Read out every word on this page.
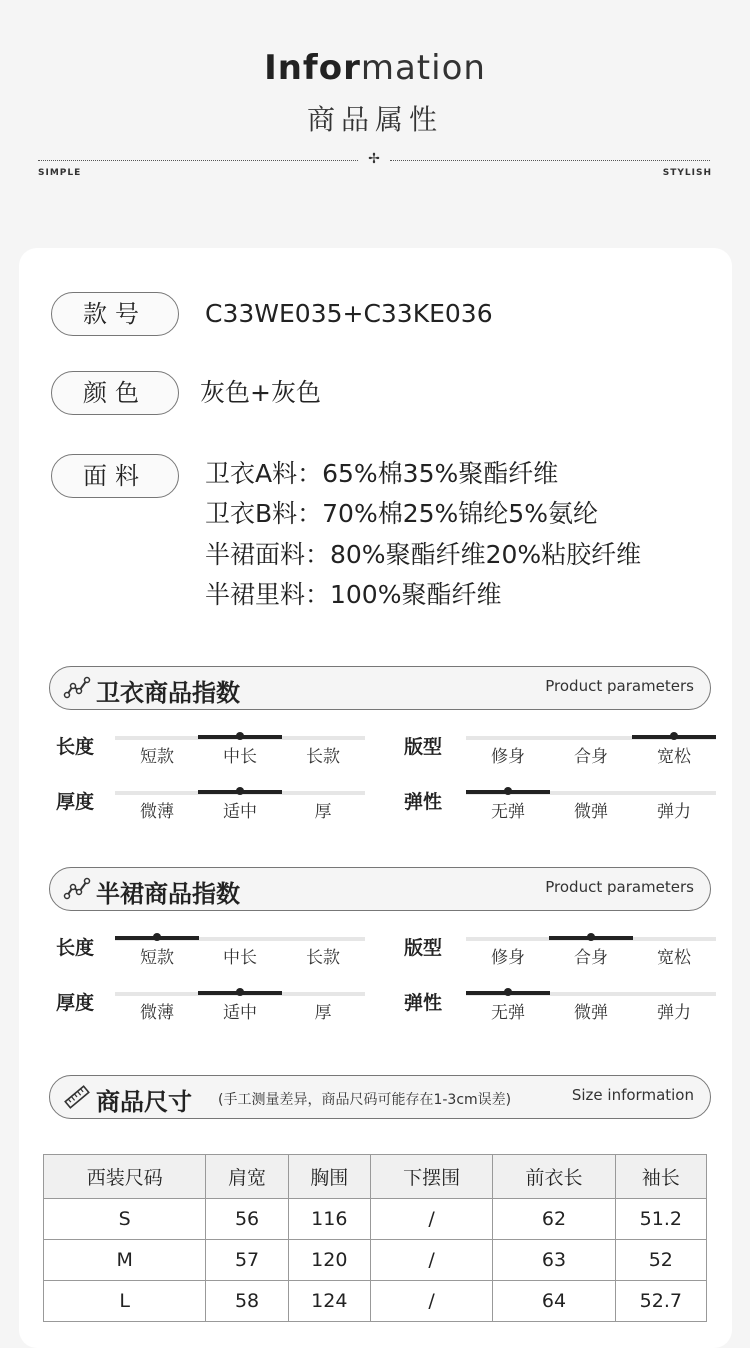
Information
商品属性
✢
SIMPLE	STYLISH
款号	C33WE035+C33KE036
颜色	灰色+灰色
面料	卫衣A料：65%棉35%聚酯纤维
卫衣B料：70%棉25%锦纶5%氨纶
半裙面料：80%聚酯纤维20%粘胶纤维
半裙里料：100%聚酯纤维
卫衣商品指数	Product parameters
长度	短款	中长	长款	版型	修身	合身	宽松
厚度	微薄	适中	厚	弹性	无弹	微弹	弹力
半裙商品指数	Product parameters
长度	短款	中长	长款	版型	修身	合身	宽松
厚度	微薄	适中	厚	弹性	无弹	微弹	弹力
商品尺寸 (手工测量差异，商品尺码可能存在1-3cm误差)	Size information
西装尺码	肩宽	胸围	下摆围	前衣长	袖长
S	56	116	/	62	51.2
M	57	120	/	63	52
L	58	124	/	64	52.7
